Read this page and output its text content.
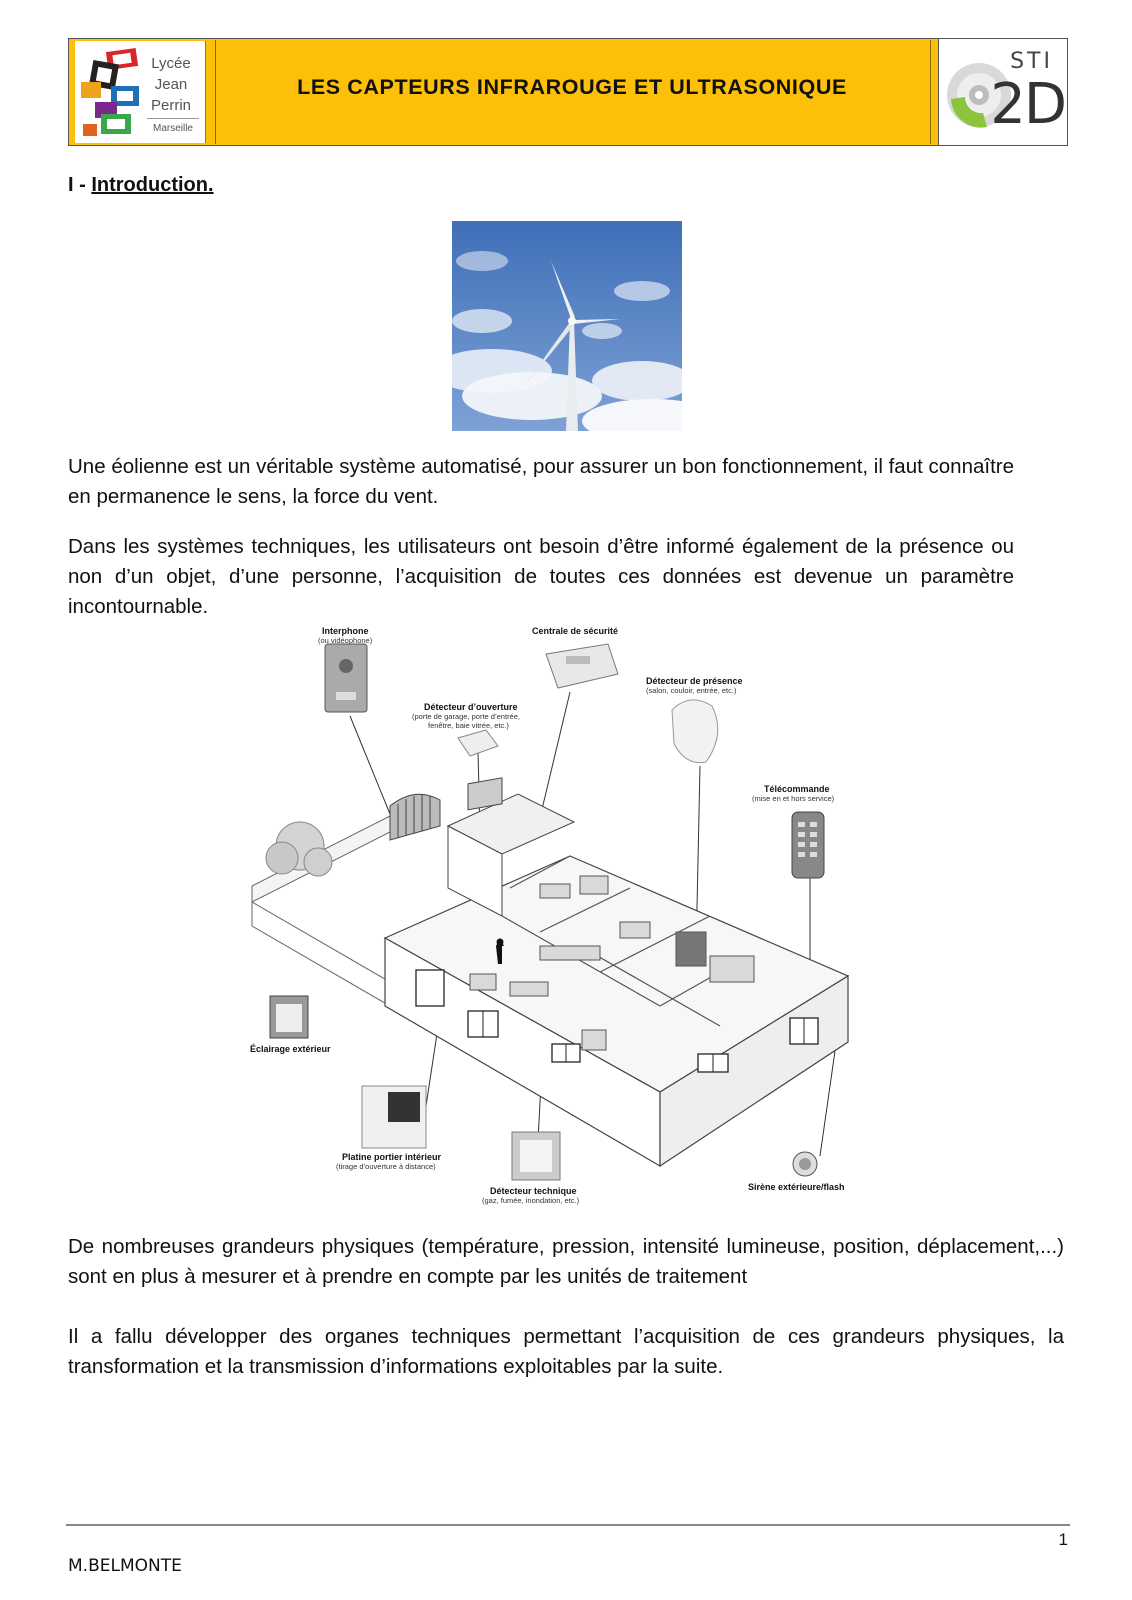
Lycée
Jean
Perrin
Marseille
LES CAPTEURS INFRAROUGE ET ULTRASONIQUE
STI
2D
I - Introduction.

Une éolienne est un véritable système automatisé, pour assurer un bon fonctionnement, il faut connaître en permanence le sens, la force du vent.

Dans les systèmes techniques, les utilisateurs ont besoin d’être informé également de la présence ou non d’un objet, d’une personne, l’acquisition de toutes ces données est devenue un paramètre incontournable.

Interphone
(ou vidéophone)
Centrale de sécurité
Détecteur de présence
(salon, couloir, entrée, etc.)
Détecteur d’ouverture
(porte de garage, porte d’entrée,
fenêtre, baie vitrée, etc.)
Télécommande
(mise en et hors service)
Éclairage extérieur
Platine portier intérieur
(tirage d’ouverture à distance)
Détecteur technique
(gaz, fumée, inondation, etc.)
Sirène extérieure/flash

De nombreuses grandeurs physiques (température, pression, intensité lumineuse, position, déplacement,...) sont en plus à mesurer et à prendre en compte par les unités de traitement

Il a fallu développer des organes techniques permettant l’acquisition de ces grandeurs physiques, la transformation et la transmission d’informations exploitables par la suite.

1
M.BELMONTE
